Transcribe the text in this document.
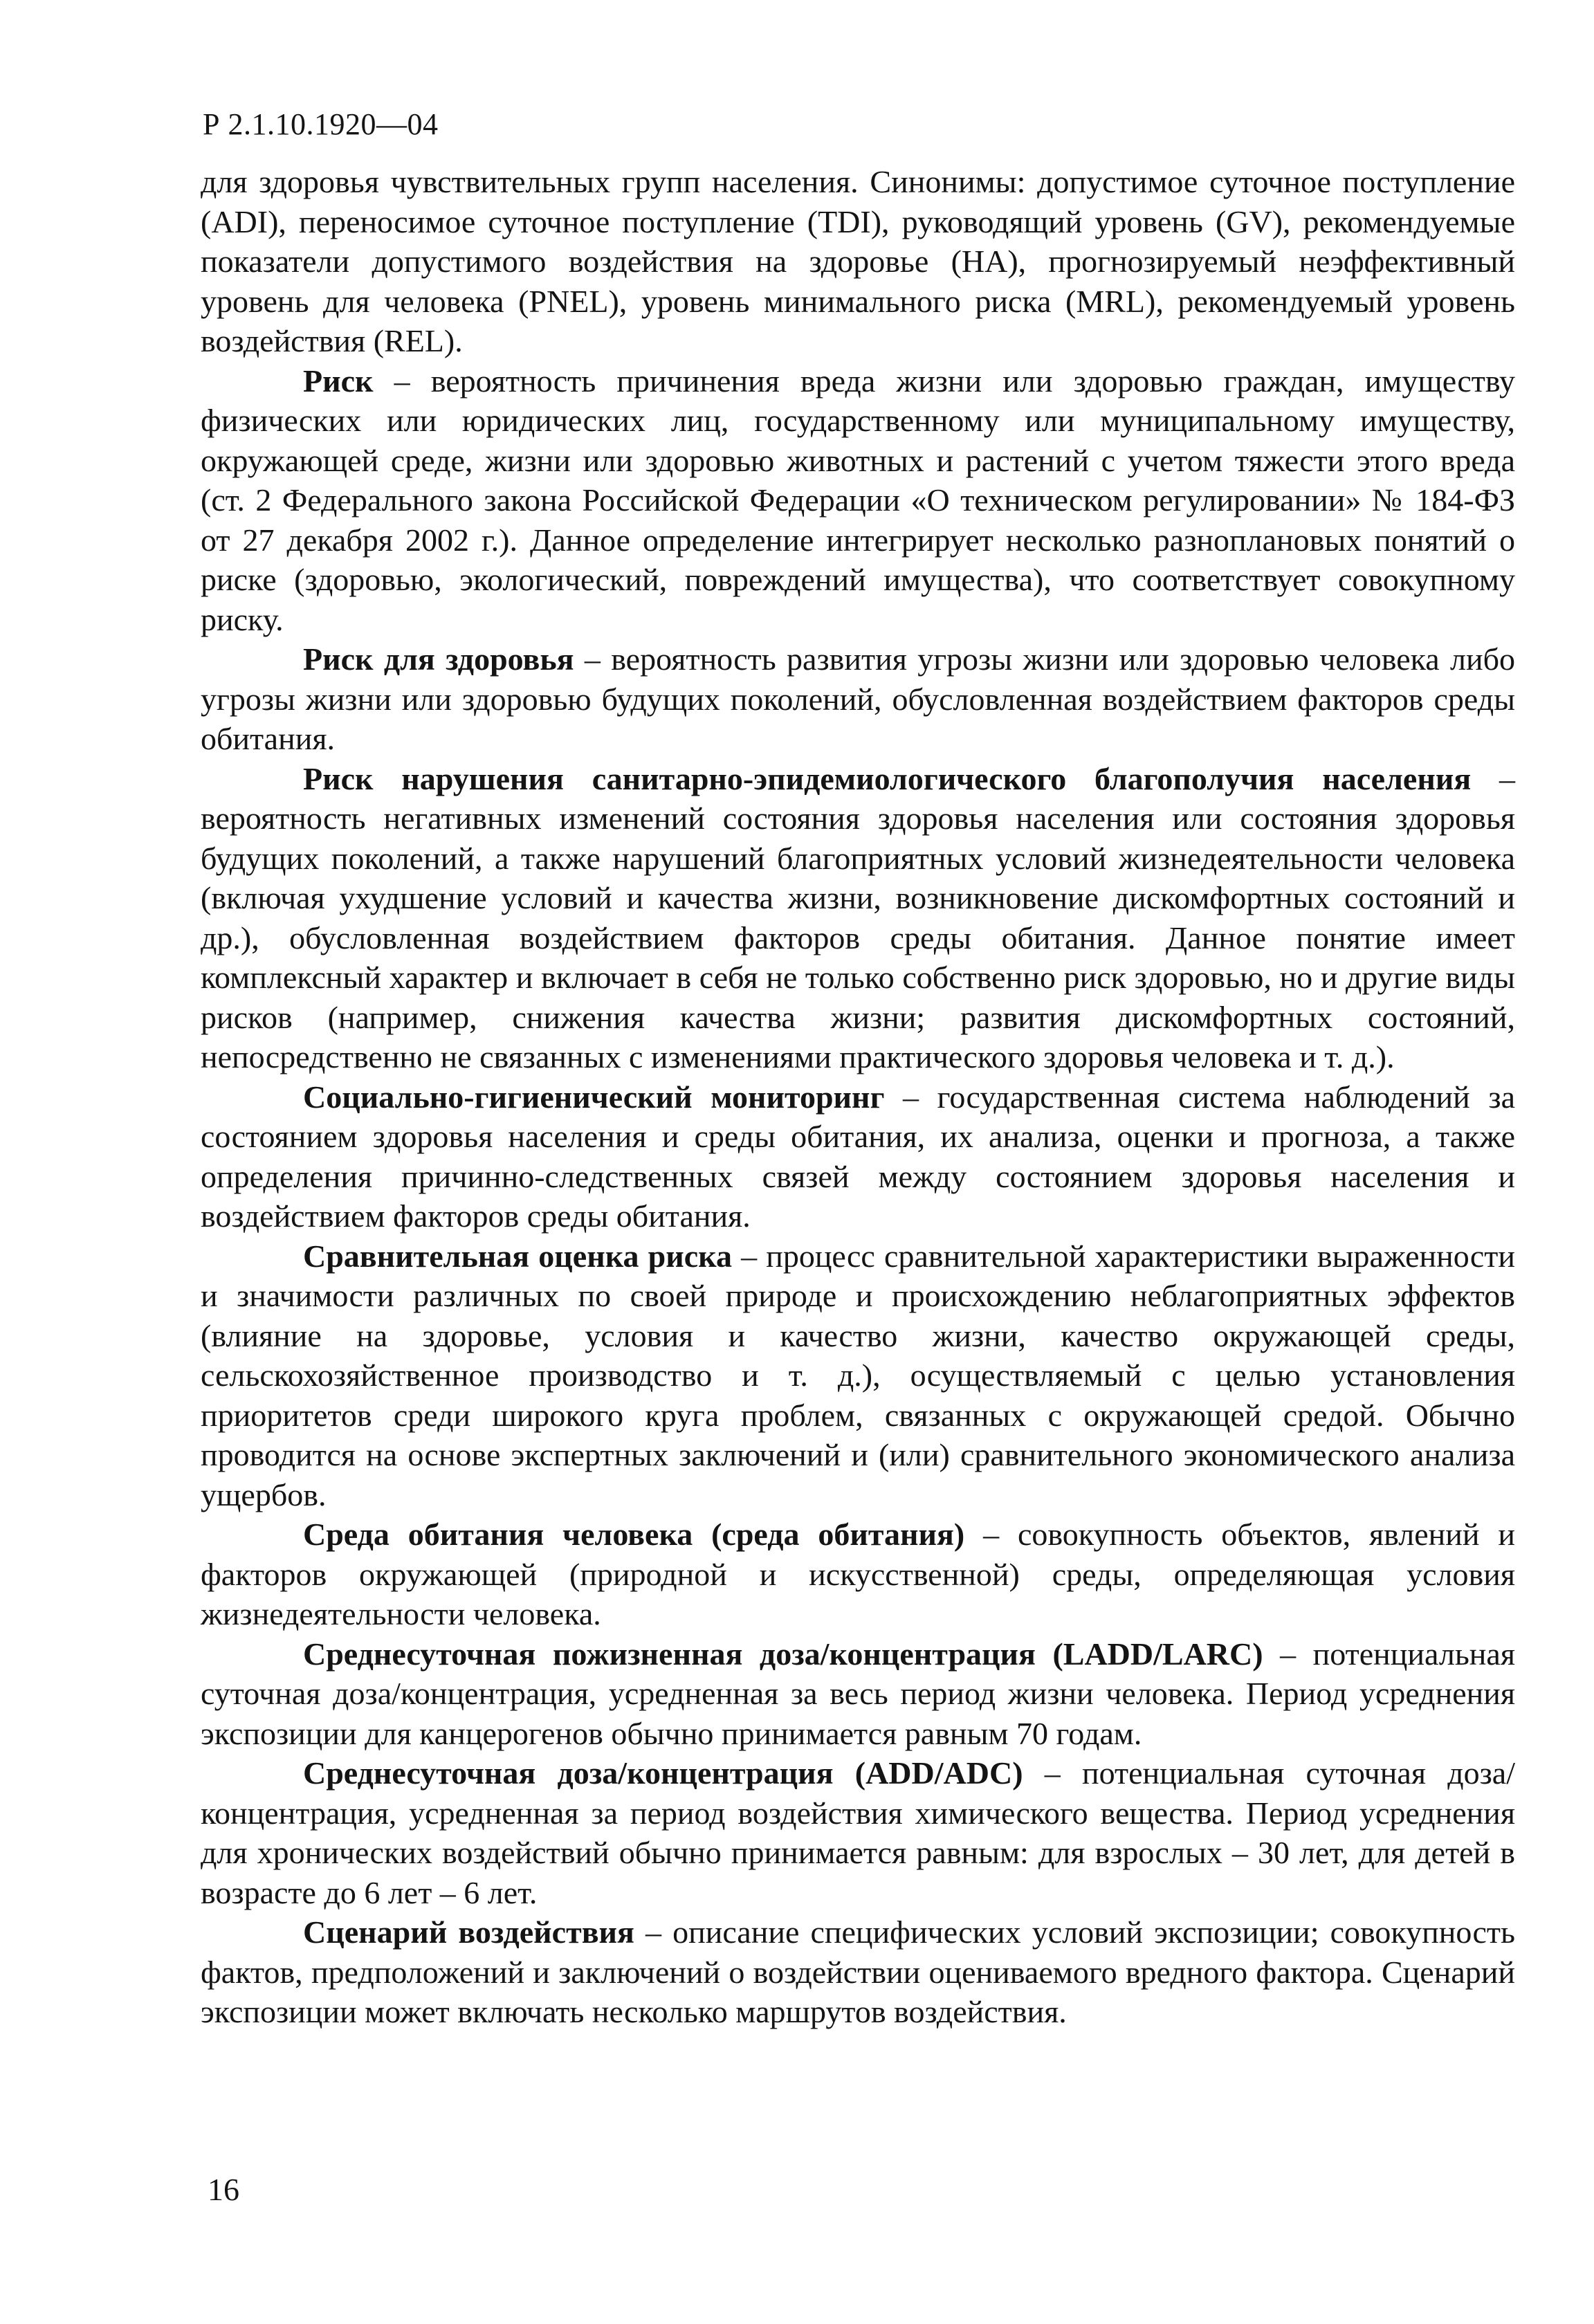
Р 2.1.10.1920—04

для здоровья чувствительных групп населения. Синонимы: допустимое суточное поступление (ADI), переносимое суточное поступление (TDI), руководящий уровень (GV), рекомендуемые показатели допустимого воздействия на здоровье (HA), прогнозируемый неэффективный уровень для человека (PNEL), уровень минимального риска (MRL), рекомендуемый уровень воздействия (REL).

Риск – вероятность причинения вреда жизни или здоровью граждан, имуществу физических или юридических лиц, государственному или муниципальному имуществу, окружающей среде, жизни или здоровью животных и растений с учетом тяжести этого вреда (ст. 2 Федерального закона Российской Федерации «О техническом регулировании» № 184-ФЗ от 27 декабря 2002 г.). Данное определение интегрирует несколько разноплановых понятий о риске (здоровью, экологический, повреждений имущества), что соответствует совокупному риску.

Риск для здоровья – вероятность развития угрозы жизни или здоровью человека либо угрозы жизни или здоровью будущих поколений, обусловленная воздействием факторов среды обитания.

Риск нарушения санитарно-эпидемиологического благополучия населения – вероятность негативных изменений состояния здоровья населения или состояния здоровья будущих поколений, а также нарушений благоприятных условий жизнедеятельности человека (включая ухудшение условий и качества жизни, возникновение дискомфортных состояний и др.), обусловленная воздействием факторов среды обитания. Данное понятие имеет комплексный характер и включает в себя не только собственно риск здоровью, но и другие виды рисков (например, снижения качества жизни; развития дискомфортных состояний, непосредственно не связанных с изменениями практического здоровья человека и т. д.).

Социально-гигиенический мониторинг – государственная система наблюдений за состоянием здоровья населения и среды обитания, их анализа, оценки и прогноза, а также определения причинно-следственных связей между состоянием здоровья населения и воздействием факторов среды обитания.

Сравнительная оценка риска – процесс сравнительной характеристики выраженности и значимости различных по своей природе и происхождению неблагоприятных эффектов (влияние на здоровье, условия и качество жизни, качество окружающей среды, сельскохозяйственное производство и т. д.), осуществляемый с целью установления приоритетов среди широкого круга проблем, связанных с окружающей средой. Обычно проводится на основе экспертных заключений и (или) сравнительного экономического анализа ущербов.

Среда обитания человека (среда обитания) – совокупность объектов, явлений и факторов окружающей (природной и искусственной) среды, определяющая условия жизнедеятельности человека.

Среднесуточная пожизненная доза/концентрация (LADD/LARC) – потенциальная суточная доза/концентрация, усредненная за весь период жизни человека. Период усреднения экспозиции для канцерогенов обычно принимается равным 70 годам.

Среднесуточная доза/концентрация (ADD/ADC) – потенциальная суточная доза/концентрация, усредненная за период воздействия химического вещества. Период усреднения для хронических воздействий обычно принимается равным: для взрослых – 30 лет, для детей в возрасте до 6 лет – 6 лет.

Сценарий воздействия – описание специфических условий экспозиции; совокупность фактов, предположений и заключений о воздействии оцениваемого вредного фактора. Сценарий экспозиции может включать несколько маршрутов воздействия.

16
